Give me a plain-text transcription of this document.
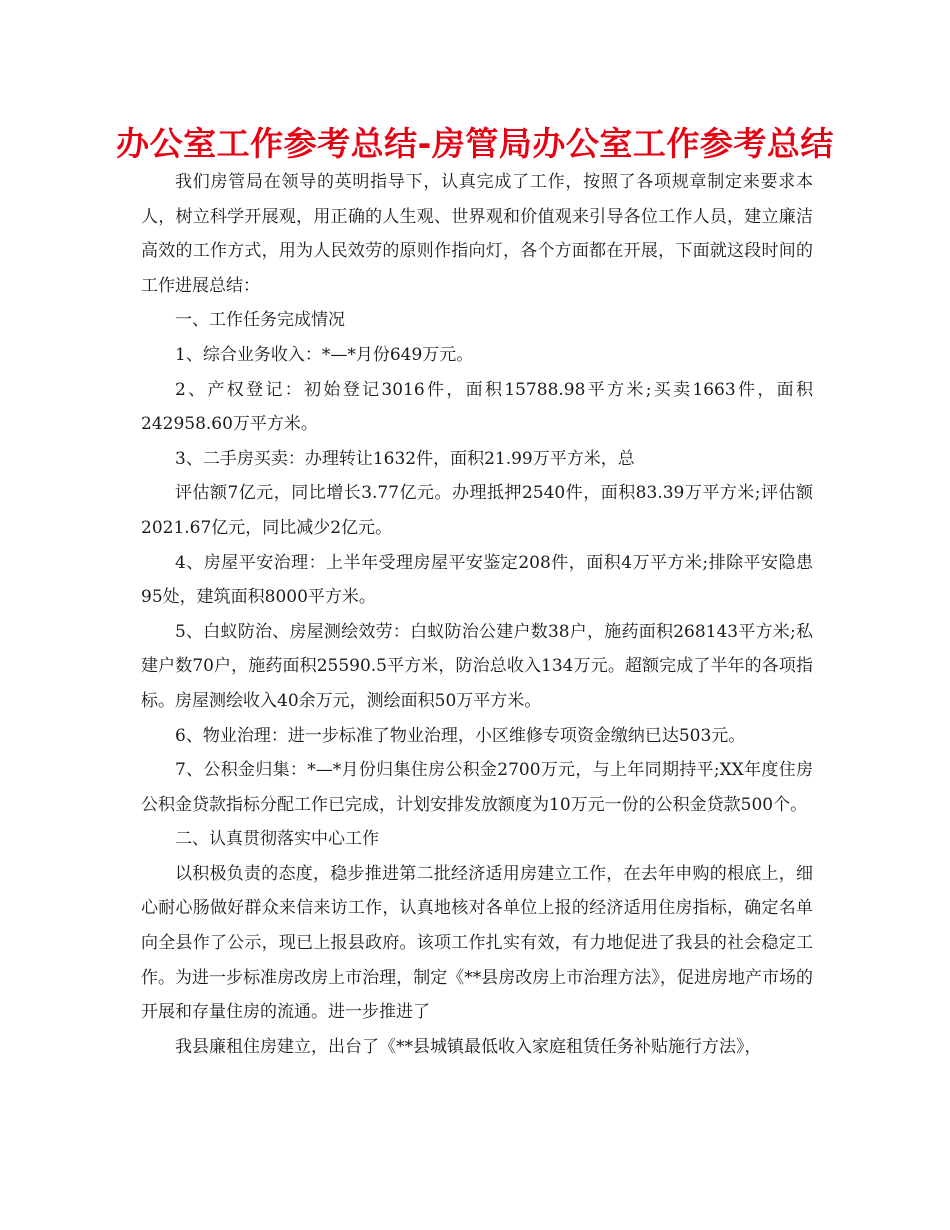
办公室工作参考总结-房管局办公室工作参考总结

我们房管局在领导的英明指导下，认真完成了工作，按照了各项规章制定来要求本人，树立科学开展观，用正确的人生观、世界观和价值观来引导各位工作人员，建立廉洁高效的工作方式，用为人民效劳的原则作指向灯，各个方面都在开展，下面就这段时间的工作进展总结：

一、工作任务完成情况

1、综合业务收入：*—*月份649万元。

2、产权登记：初始登记3016件，面积15788.98平方米;买卖1663件，面积242958.60万平方米。

3、二手房买卖：办理转让1632件，面积21.99万平方米，总

评估额7亿元，同比增长3.77亿元。办理抵押2540件，面积83.39万平方米;评估额2021.67亿元，同比减少2亿元。

4、房屋平安治理：上半年受理房屋平安鉴定208件，面积4万平方米;排除平安隐患95处，建筑面积8000平方米。

5、白蚁防治、房屋测绘效劳：白蚁防治公建户数38户，施药面积268143平方米;私建户数70户，施药面积25590.5平方米，防治总收入134万元。超额完成了半年的各项指标。房屋测绘收入40余万元，测绘面积50万平方米。

6、物业治理：进一步标准了物业治理，小区维修专项资金缴纳已达503元。

7、公积金归集：*—*月份归集住房公积金2700万元，与上年同期持平;XX年度住房公积金贷款指标分配工作已完成，计划安排发放额度为10万元一份的公积金贷款500个。

二、认真贯彻落实中心工作

以积极负责的态度，稳步推进第二批经济适用房建立工作，在去年申购的根底上，细心耐心肠做好群众来信来访工作，认真地核对各单位上报的经济适用住房指标，确定名单向全县作了公示，现已上报县政府。该项工作扎实有效，有力地促进了我县的社会稳定工作。为进一步标准房改房上市治理，制定《**县房改房上市治理方法》，促进房地产市场的开展和存量住房的流通。进一步推进了

我县廉租住房建立，出台了《**县城镇最低收入家庭租赁任务补贴施行方法》，
